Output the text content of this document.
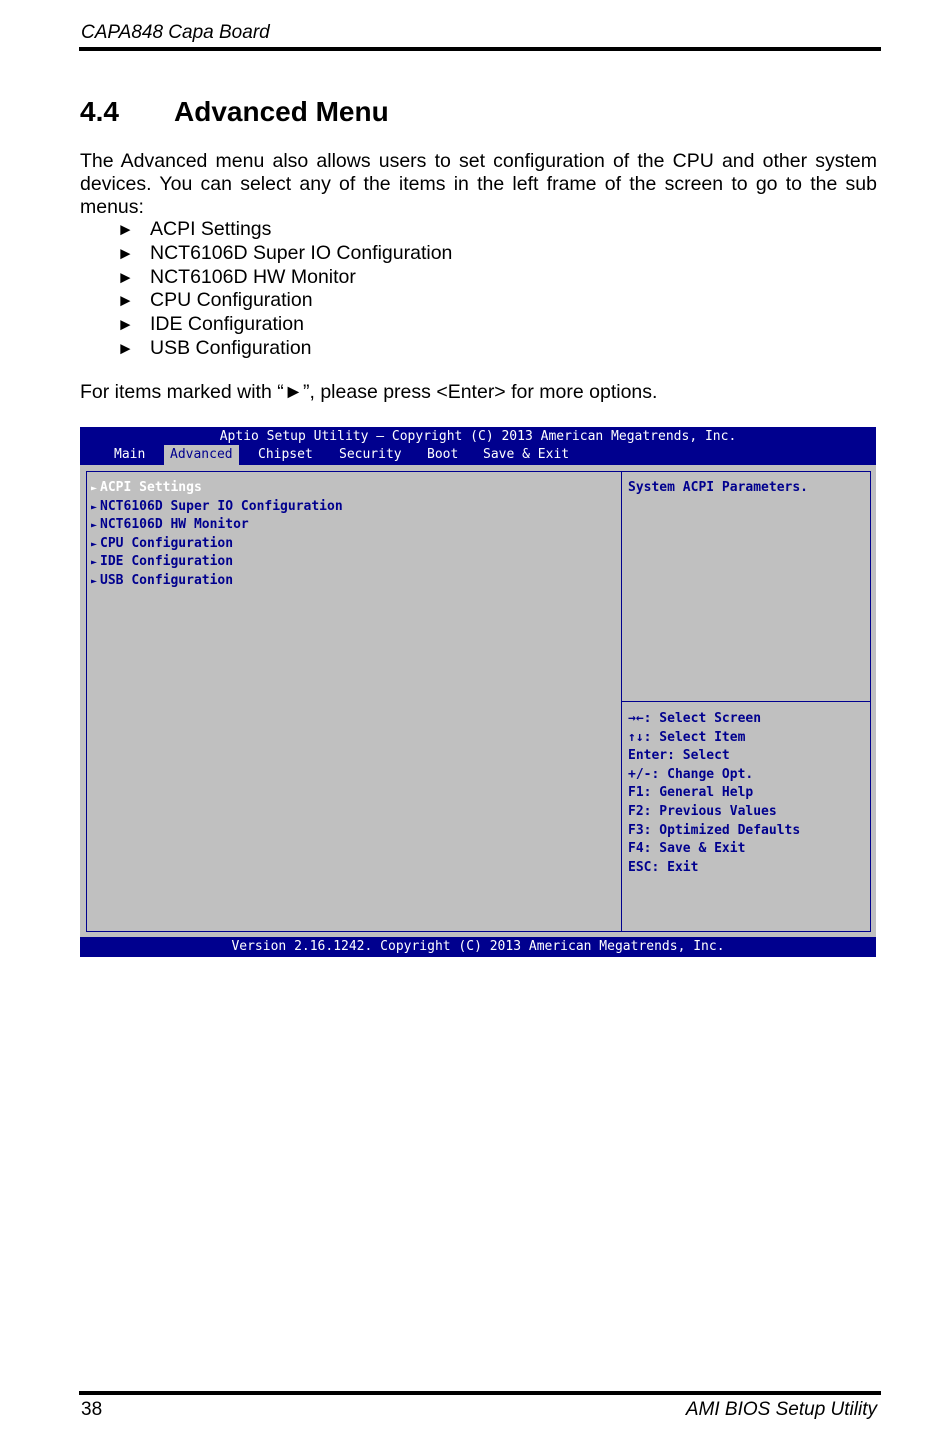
CAPA848 Capa Board
4.4 Advanced Menu
The Advanced menu also allows users to set configuration of the CPU and other system devices. You can select any of the items in the left frame of the screen to go to the sub menus:
► ACPI Settings
► NCT6106D Super IO Configuration
► NCT6106D HW Monitor
► CPU Configuration
► IDE Configuration
► USB Configuration
For items marked with “►”, please press <Enter> for more options.
Aptio Setup Utility – Copyright (C) 2013 American Megatrends, Inc.
Main	Advanced	Chipset	Security	Boot	Save & Exit
► ACPI Settings
► NCT6106D Super IO Configuration
► NCT6106D HW Monitor
► CPU Configuration
► IDE Configuration
► USB Configuration
System ACPI Parameters.
→←: Select Screen
↑↓: Select Item
Enter: Select
+/-: Change Opt.
F1: General Help
F2: Previous Values
F3: Optimized Defaults
F4: Save & Exit
ESC: Exit
Version 2.16.1242. Copyright (C) 2013 American Megatrends, Inc.
38	AMI BIOS Setup Utility
